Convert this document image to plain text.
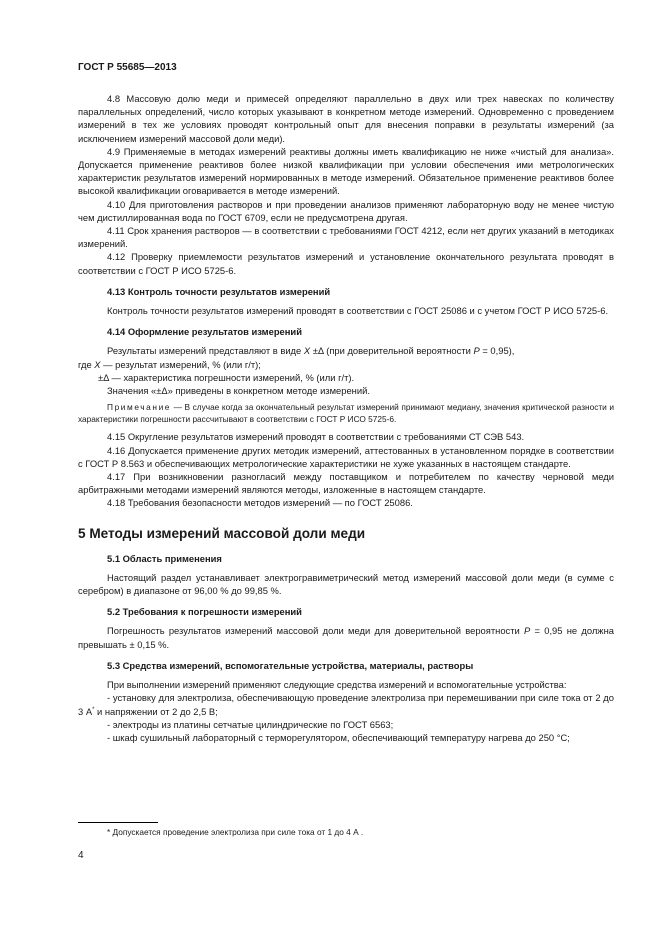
ГОСТ Р 55685—2013

4.8 Массовую долю меди и примесей определяют параллельно в двух или трех навесках по количеству параллельных определений, число которых указывают в конкретном методе измерений. Одновременно с проведением измерений в тех же условиях проводят контрольный опыт для внесения поправки в результаты измерений (за исключением измерений массовой доли меди).

4.9 Применяемые в методах измерений реактивы должны иметь квалификацию не ниже «чистый для анализа». Допускается применение реактивов более низкой квалификации при условии обеспечения ими метрологических характеристик результатов измерений нормированных в методе измерений. Обязательное применение реактивов более высокой квалификации оговаривается в методе измерений.

4.10 Для приготовления растворов и при проведении анализов применяют лабораторную воду не менее чистую чем дистиллированная вода по ГОСТ 6709, если не предусмотрена другая.

4.11 Срок хранения растворов — в соответствии с требованиями ГОСТ 4212, если нет других указаний в методиках измерений.

4.12 Проверку приемлемости результатов измерений и установление окончательного результата проводят в соответствии с ГОСТ Р ИСО 5725-6.

4.13 Контроль точности результатов измерений

Контроль точности результатов измерений проводят в соответствии с ГОСТ 25086 и с учетом ГОСТ Р ИСО 5725-6.

4.14 Оформление результатов измерений

Результаты измерений представляют в виде X ±Δ (при доверительной вероятности P = 0,95),

где X — результат измерений, % (или г/т);

±Δ — характеристика погрешности измерений, % (или г/т).

Значения «±Δ» приведены в конкретном методе измерений.

Примечание — В случае когда за окончательный результат измерений принимают медиану, значения критической разности и характеристики погрешности рассчитывают в соответствии с ГОСТ Р ИСО 5725-6.

4.15 Округление результатов измерений проводят в соответствии с требованиями СТ СЭВ 543.

4.16 Допускается применение других методик измерений, аттестованных в установленном порядке в соответствии с ГОСТ Р 8.563 и обеспечивающих метрологические характеристики не хуже указанных в настоящем стандарте.

4.17 При возникновении разногласий между поставщиком и потребителем по качеству черновой меди арбитражными методами измерений являются методы, изложенные в настоящем стандарте.

4.18 Требования безопасности методов измерений — по ГОСТ 25086.

5 Методы измерений массовой доли меди

5.1 Область применения

Настоящий раздел устанавливает электрогравиметрический метод измерений массовой доли меди (в сумме с серебром) в диапазоне от 96,00 % до 99,85 %.

5.2 Требования к погрешности измерений

Погрешность результатов измерений массовой доли меди для доверительной вероятности P = 0,95 не должна превышать ± 0,15 %.

5.3 Средства измерений, вспомогательные устройства, материалы, растворы

При выполнении измерений применяют следующие средства измерений и вспомогательные устройства:

- установку для электролиза, обеспечивающую проведение электролиза при перемешивании при силе тока от 2 до 3 А* и напряжении от 2 до 2,5 В;

- электроды из платины сетчатые цилиндрические по ГОСТ 6563;

- шкаф сушильный лабораторный с терморегулятором, обеспечивающий температуру нагрева до 250 °С;

* Допускается проведение электролиза при силе тока от 1 до 4 А .
4
